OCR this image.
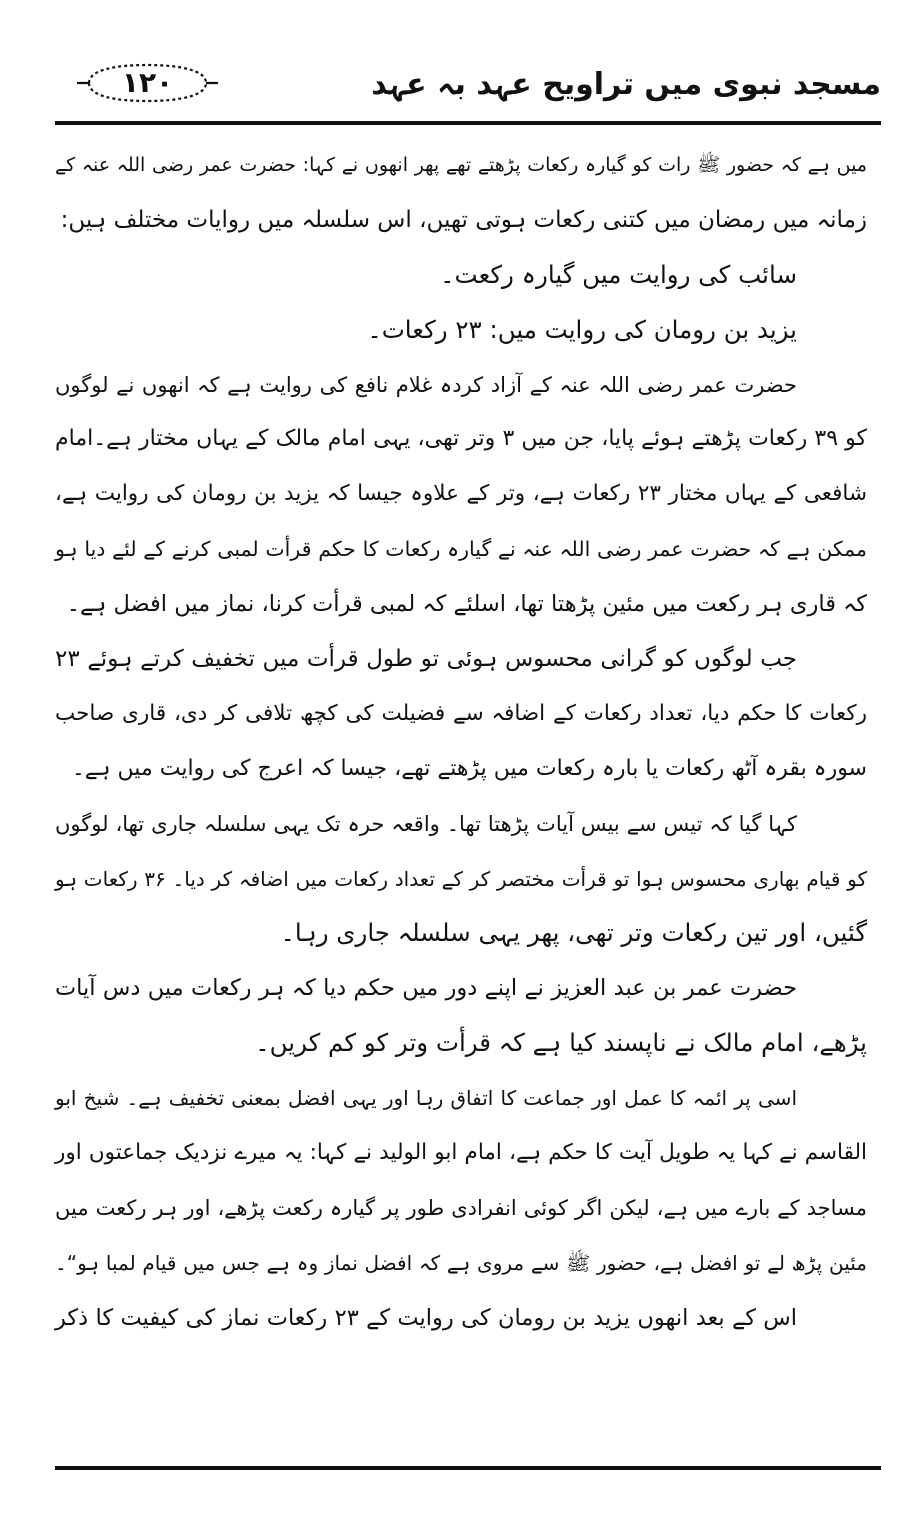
۱۲۰	مسجد نبوی میں تراویح عہد بہ عہد
میں ہے کہ حضور ﷺ رات کو گیارہ رکعات پڑھتے تھے پھر انھوں نے کہا: حضرت عمر رضی اللہ عنہ کے
زمانہ میں رمضان میں کتنی رکعات ہوتی تھیں، اس سلسلہ میں روایات مختلف ہیں:
سائب کی روایت میں گیارہ رکعت۔
یزید بن رومان کی روایت میں: ۲۳ رکعات۔
حضرت عمر رضی اللہ عنہ کے آزاد کردہ غلام نافع کی روایت ہے کہ انھوں نے لوگوں
کو ۳۹ رکعات پڑھتے ہوئے پایا، جن میں ۳ وتر تھی، یہی امام مالک کے یہاں مختار ہے۔امام
شافعی کے یہاں مختار ۲۳ رکعات ہے، وتر کے علاوہ جیسا کہ یزید بن رومان کی روایت ہے،
ممکن ہے کہ حضرت عمر رضی اللہ عنہ نے گیارہ رکعات کا حکم قرأت لمبی کرنے کے لئے دیا ہو
کہ قاری ہر رکعت میں مئین پڑھتا تھا، اسلئے کہ لمبی قرأت کرنا، نماز میں افضل ہے۔
جب لوگوں کو گرانی محسوس ہوئی تو طول قرأت میں تخفیف کرتے ہوئے ۲۳
رکعات کا حکم دیا، تعداد رکعات کے اضافہ سے فضیلت کی کچھ تلافی کر دی، قاری صاحب
سورہ بقرہ آٹھ رکعات یا بارہ رکعات میں پڑھتے تھے، جیسا کہ اعرج کی روایت میں ہے۔
کہا گیا کہ تیس سے بیس آیات پڑھتا تھا۔ واقعہ حرہ تک یہی سلسلہ جاری تھا، لوگوں
کو قیام بھاری محسوس ہوا تو قرأت مختصر کر کے تعداد رکعات میں اضافہ کر دیا۔ ۳۶ رکعات ہو
گئیں، اور تین رکعات وتر تھی، پھر یہی سلسلہ جاری رہا۔
حضرت عمر بن عبد العزیز نے اپنے دور میں حکم دیا کہ ہر رکعات میں دس آیات
پڑھے، امام مالک نے ناپسند کیا ہے کہ قرأت وتر کو کم کریں۔
اسی پر ائمہ کا عمل اور جماعت کا اتفاق رہا اور یہی افضل بمعنی تخفیف ہے۔ شیخ ابو
القاسم نے کہا یہ طویل آیت کا حکم ہے، امام ابو الولید نے کہا: یہ میرے نزدیک جماعتوں اور
مساجد کے بارے میں ہے، لیکن اگر کوئی انفرادی طور پر گیارہ رکعت پڑھے، اور ہر رکعت میں
مئین پڑھ لے تو افضل ہے، حضور ﷺ سے مروی ہے کہ افضل نماز وہ ہے جس میں قیام لمبا ہو“۔
اس کے بعد انھوں یزید بن رومان کی روایت کے ۲۳ رکعات نماز کی کیفیت کا ذکر
